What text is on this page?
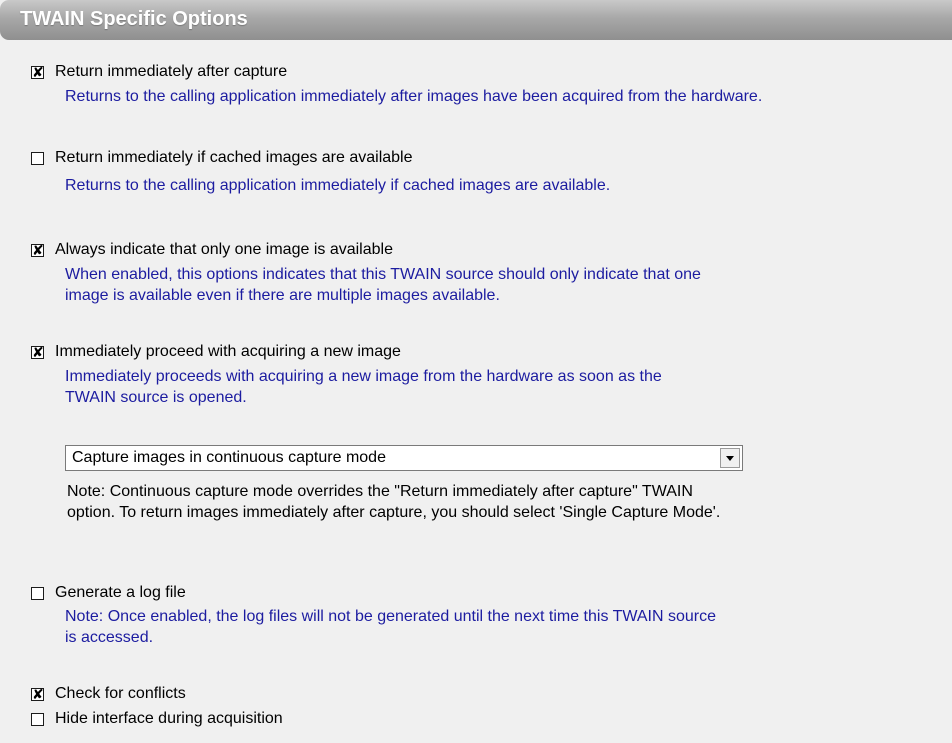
TWAIN Specific Options
✘ Return immediately after capture
Returns to the calling application immediately after images have been acquired from the hardware.
Return immediately if cached images are available
Returns to the calling application immediately if cached images are available.
✘ Always indicate that only one image is available
When enabled, this options indicates that this TWAIN source should only indicate that one image is available even if there are multiple images available.
✘ Immediately proceed with acquiring a new image
Immediately proceeds with acquiring a new image from the hardware as soon as the TWAIN source is opened.
Capture images in continuous capture mode
Note: Continuous capture mode overrides the "Return immediately after capture" TWAIN option. To return images immediately after capture, you should select 'Single Capture Mode'.
Generate a log file
Note: Once enabled, the log files will not be generated until the next time this TWAIN source is accessed.
✘ Check for conflicts
Hide interface during acquisition
